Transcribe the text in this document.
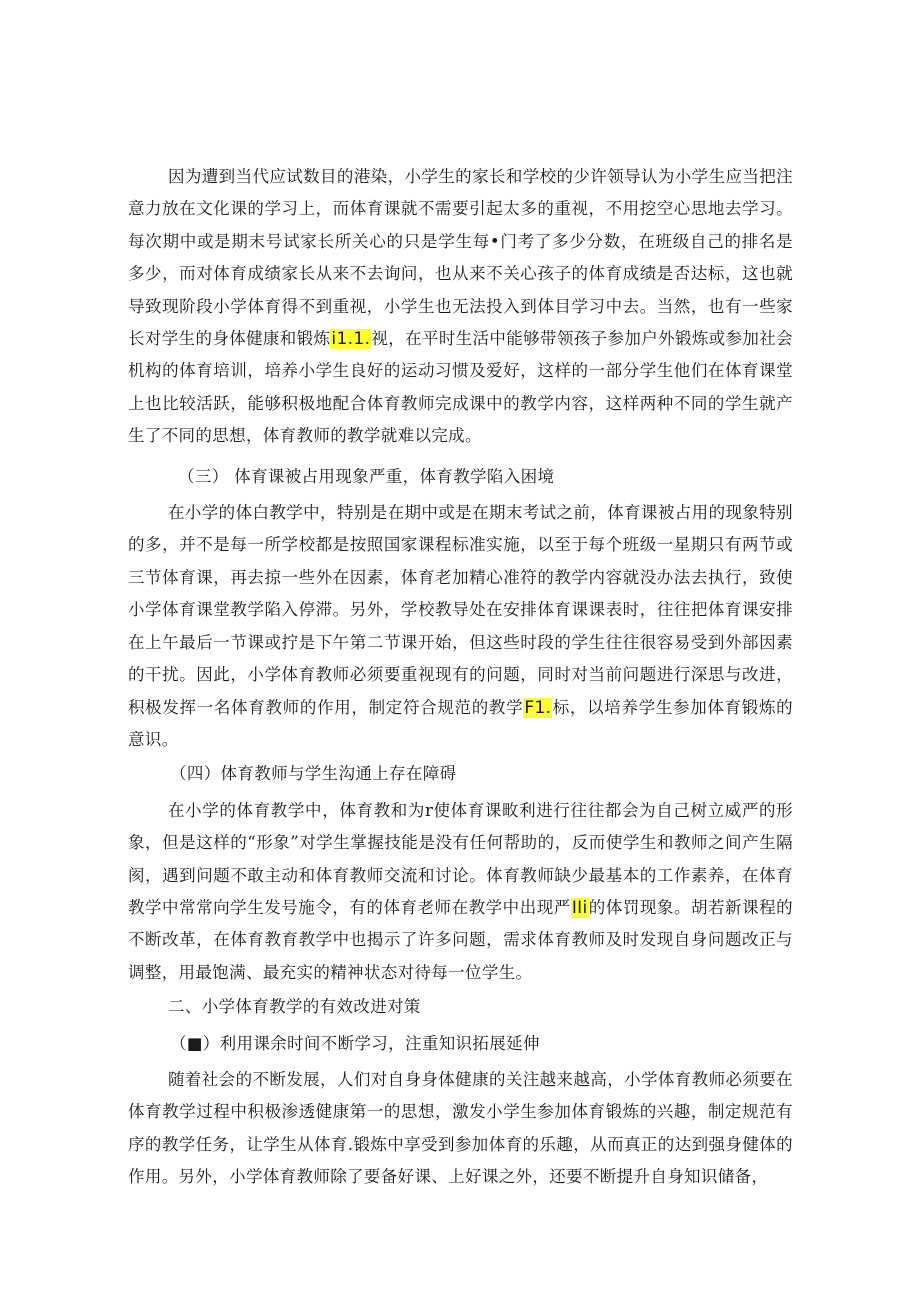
因为遭到当代应试数目的港染，小学生的家长和学校的少许领导认为小学生应当把注意力放在文化课的学习上，而体育课就不需要引起太多的重视，不用挖空心思地去学习。每次期中或是期末号试家长所关心的只是学生每•门考了多少分数，在班级自己的排名是多少，而对体育成绩家长从来不去询问，也从来不关心孩子的体育成绩是否达标，这也就导致现阶段小学体育得不到重视，小学生也无法投入到体目学习中去。当然，也有一些家长对学生的身体健康和锻炼i1.1.视，在平时生活中能够带领孩子参加户外锻炼或参加社会机构的体育培训，培养小学生良好的运动习惯及爱好，这样的一部分学生他们在体育课堂上也比较活跃，能够积极地配合体育教师完成课中的教学内容，这样两种不同的学生就产生了不同的思想，体育教师的教学就难以完成。

（三） 体育课被占用现象严重，体育教学陷入困境

在小学的体白教学中，特别是在期中或是在期末考试之前，体育课被占用的现象特别的多，并不是每一所学校都是按照国家课程标准实施，以至于每个班级一星期只有两节或三节体育课，再去掠一些外在因素，体育老加精心准符的教学内容就没办法去执行，致使小学体育课堂教学陷入停滞。另外，学校教导处在安排体育课课表时，往往把体育课安排在上午最后一节课或拧是下午第二节课开始，但这些时段的学生往往很容易受到外部因素的干扰。因此，小学体育教师必须要重视现有的问题，同时对当前问题进行深思与改进，积极发挥一名体育教师的作用，制定符合规范的教学F1.标，以培养学生参加体育锻炼的意识。

（四）体育教师与学生沟通上存在障碍

在小学的体育教学中，体育教和为r使体育课畋利进行往往都会为自己树立威严的形象，但是这样的“形象”对学生掌握技能是没有任何帮助的，反而使学生和教师之间产生隔阂，遇到问题不敢主动和体育教师交流和讨论。体育教师缺少最基本的工作素养，在体育教学中常常向学生发号施令，有的体育老师在教学中出现严IIi的体罚现象。胡若新课程的不断改革，在体育教育教学中也揭示了许多问题，需求体育教师及时发现自身问题改正与调整，用最饱满、最充实的精神状态对待每一位学生。

二、小学体育教学的有效改进对策
（■）利用课余时间不断学习，注重知识拓展延伸

随着社会的不断发展，人们对自身身体健康的关注越来越高，小学体育教师必须要在体育教学过程中积极渗透健康第一的思想，激发小学生参加体育锻炼的兴趣，制定规范有序的教学任务，让学生从体育.锻炼中享受到参加体育的乐趣，从而真正的达到强身健体的作用。另外，小学体育教师除了要备好课、上好课之外，还要不断提升自身知识储备，
